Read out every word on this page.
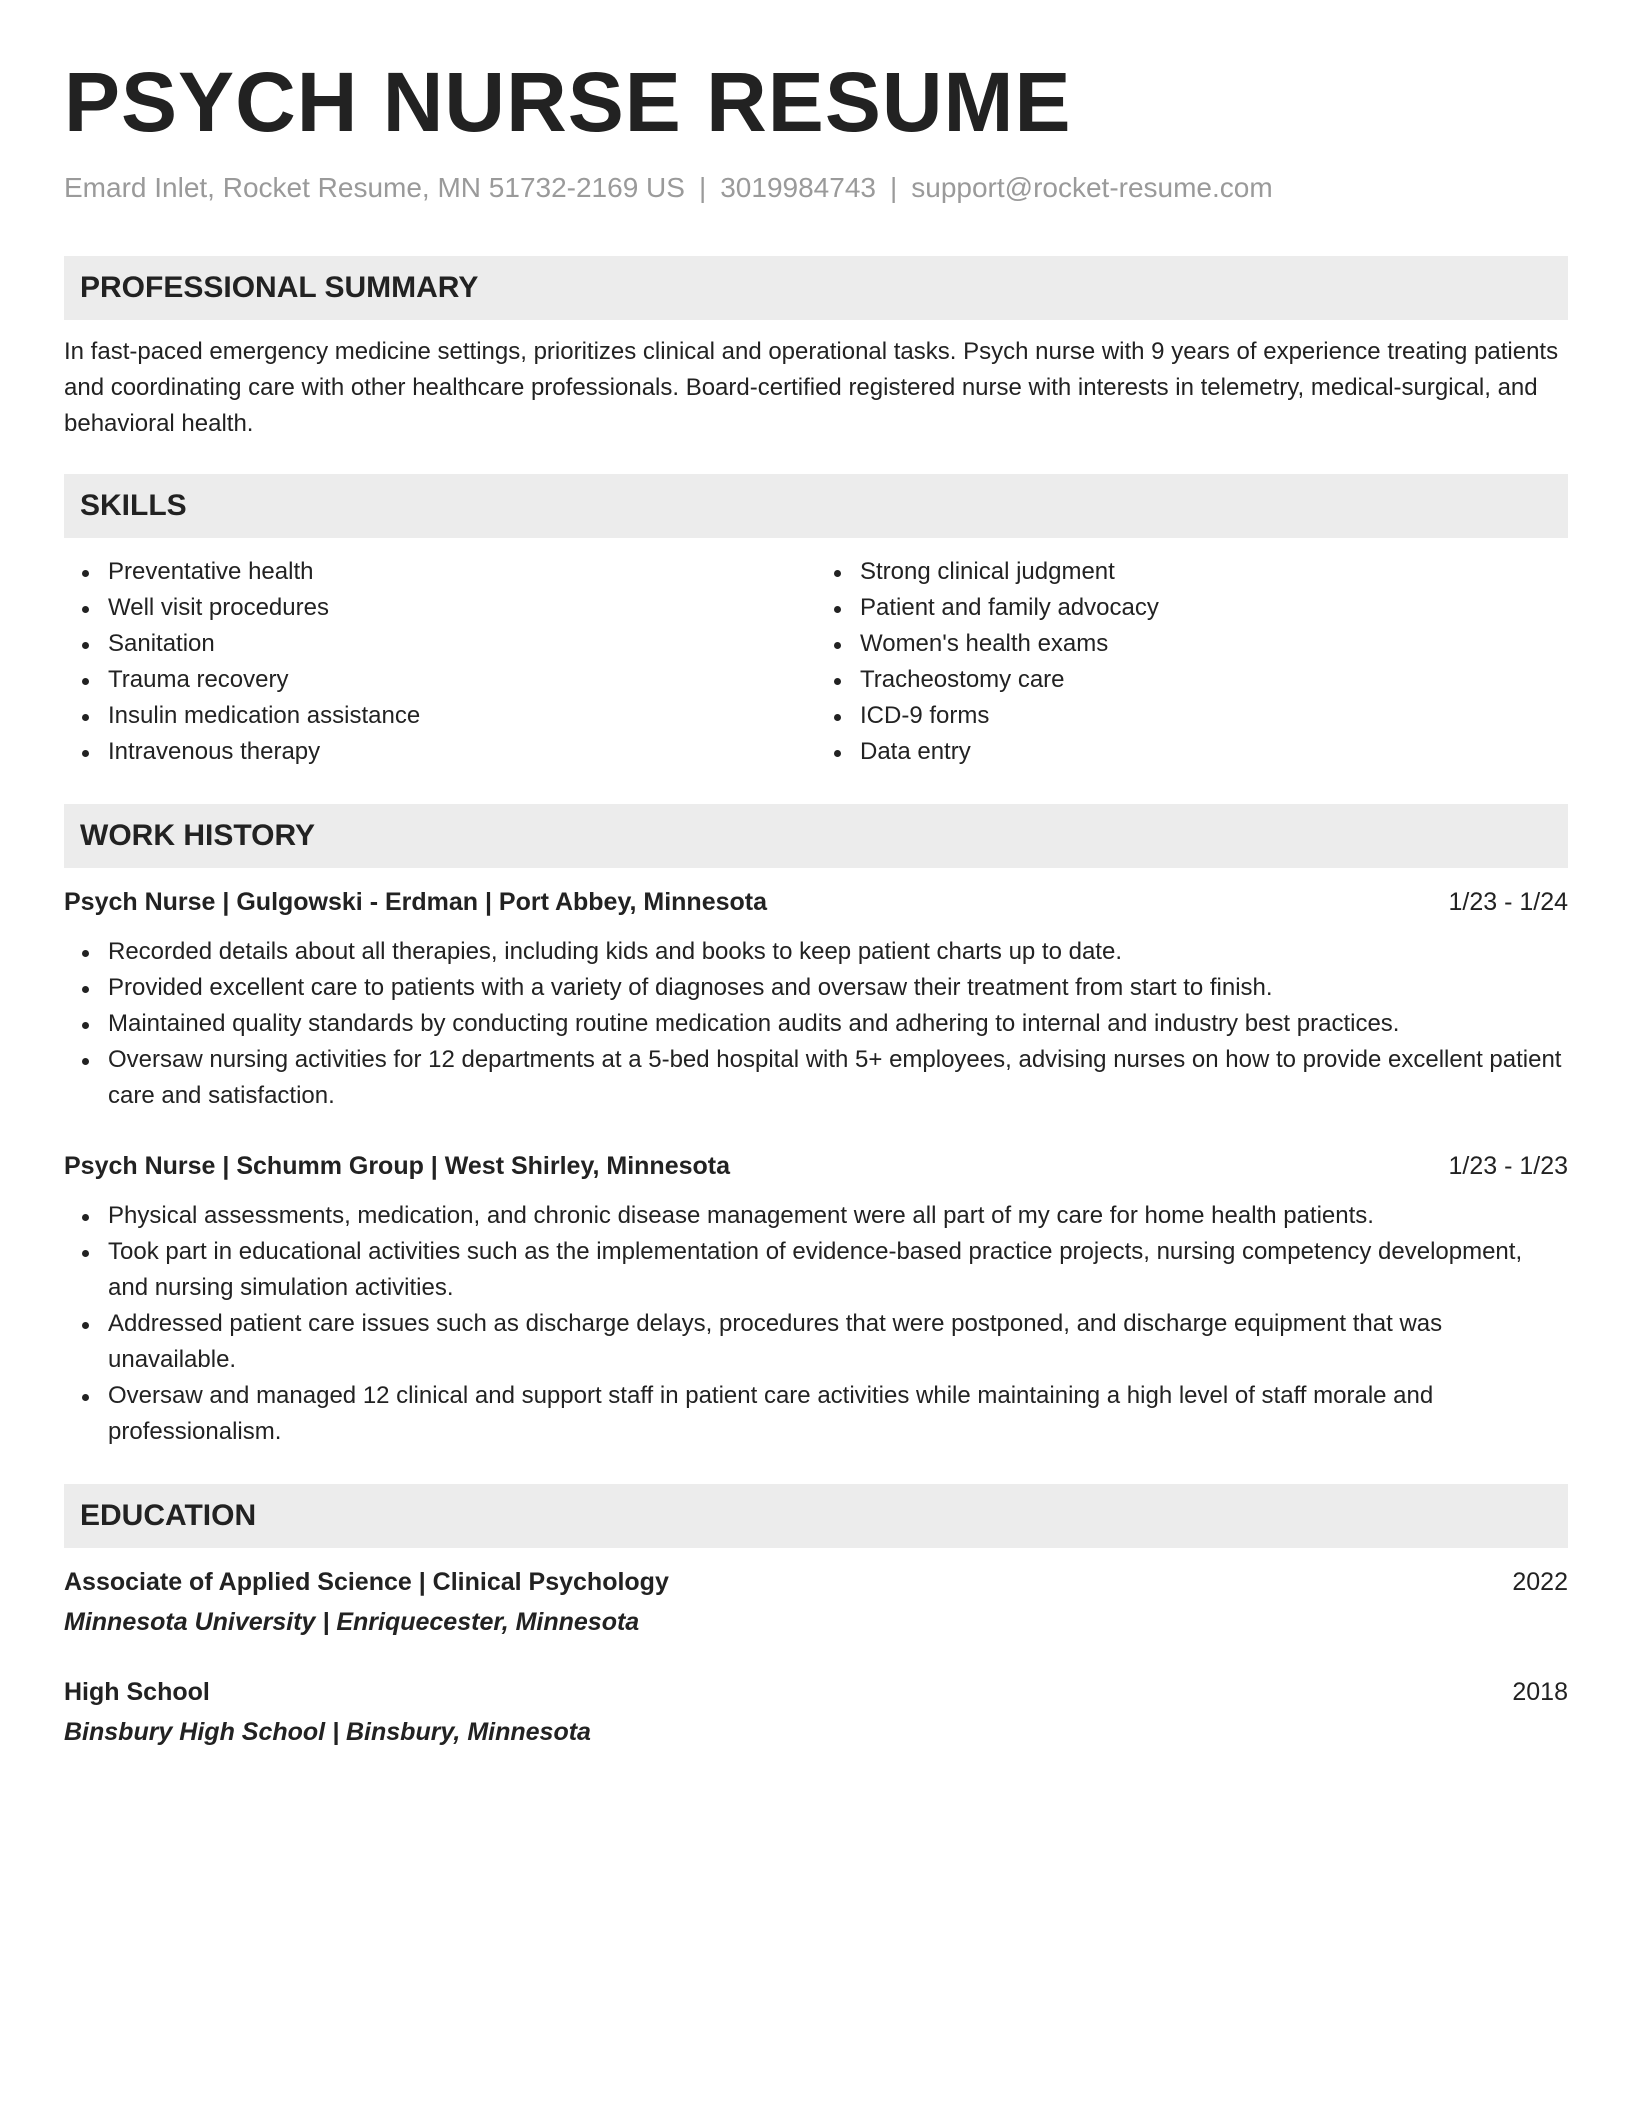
PSYCH NURSE RESUME
Emard Inlet, Rocket Resume, MN 51732-2169 US | 3019984743 | support@rocket-resume.com
PROFESSIONAL SUMMARY
In fast-paced emergency medicine settings, prioritizes clinical and operational tasks. Psych nurse with 9 years of experience treating patients and coordinating care with other healthcare professionals. Board-certified registered nurse with interests in telemetry, medical-surgical, and behavioral health.
SKILLS
Preventative health
Well visit procedures
Sanitation
Trauma recovery
Insulin medication assistance
Intravenous therapy
Strong clinical judgment
Patient and family advocacy
Women's health exams
Tracheostomy care
ICD-9 forms
Data entry
WORK HISTORY
Psych Nurse | Gulgowski - Erdman | Port Abbey, Minnesota	1/23 - 1/24
Recorded details about all therapies, including kids and books to keep patient charts up to date.
Provided excellent care to patients with a variety of diagnoses and oversaw their treatment from start to finish.
Maintained quality standards by conducting routine medication audits and adhering to internal and industry best practices.
Oversaw nursing activities for 12 departments at a 5-bed hospital with 5+ employees, advising nurses on how to provide excellent patient care and satisfaction.
Psych Nurse | Schumm Group | West Shirley, Minnesota	1/23 - 1/23
Physical assessments, medication, and chronic disease management were all part of my care for home health patients.
Took part in educational activities such as the implementation of evidence-based practice projects, nursing competency development, and nursing simulation activities.
Addressed patient care issues such as discharge delays, procedures that were postponed, and discharge equipment that was unavailable.
Oversaw and managed 12 clinical and support staff in patient care activities while maintaining a high level of staff morale and professionalism.
EDUCATION
Associate of Applied Science | Clinical Psychology	2022
Minnesota University | Enriquecester, Minnesota
High School	2018
Binsbury High School | Binsbury, Minnesota
